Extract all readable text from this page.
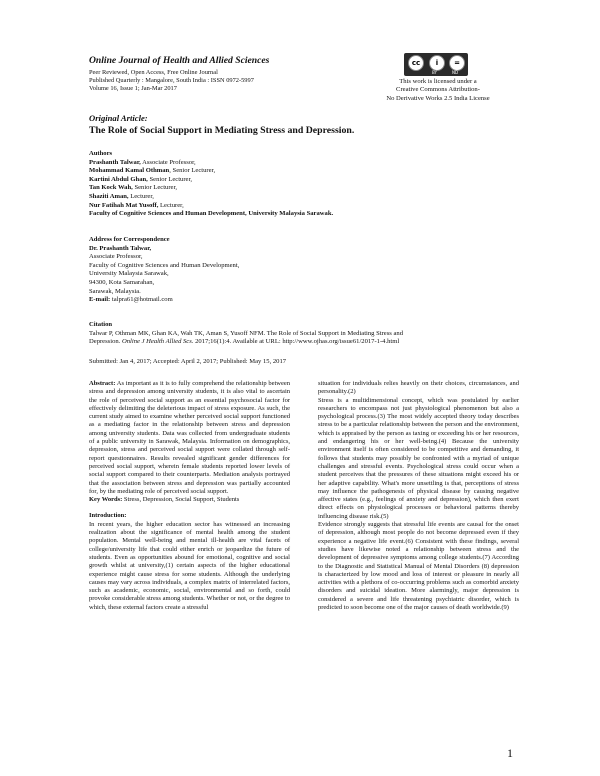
Online Journal of Health and Allied Sciences
Peer Reviewed, Open Access, Free Online Journal
Published Quarterly : Mangalore, South India : ISSN 0972-5997
Volume 16, Issue 1; Jan-Mar 2017
cc	i	=
BY	ND
This work is licensed under a
Creative Commons Attribution-
No Derivative Works 2.5 India License
Original Article:
The Role of Social Support in Mediating Stress and Depression.
Authors
Prashanth Talwar, Associate Professor,
Mohammad Kamal Othman, Senior Lecturer,
Kartini Abdul Ghan, Senior Lecturer,
Tan Kock Wah, Senior Lecturer,
Shaziti Aman, Lecturer,
Nur Fatihah Mat Yusoff, Lecturer,
Faculty of Cognitive Sciences and Human Development, University Malaysia Sarawak.
Address for Correspondence
Dr. Prashanth Talwar,
Associate Professor,
Faculty of Cognitive Sciences and Human Development,
University Malaysia Sarawak,
94300, Kota Samarahan,
Sarawak, Malaysia.
E-mail: talpra61@hotmail.com
Citation
Talwar P, Othman MK, Ghan KA, Wah TK, Aman S, Yusoff NFM. The Role of Social Support in Mediating Stress and
Depression. Online J Health Allied Scs. 2017;16(1):4. Available at URL: http://www.ojhas.org/issue61/2017-1-4.html
Submitted: Jan 4, 2017; Accepted: April 2, 2017; Published: May 15, 2017

Abstract: As important as it is to fully comprehend the relationship between stress and depression among university students, it is also vital to ascertain the role of perceived social support as an essential psychosocial factor for effectively delimiting the deleterious impact of stress exposure. As such, the current study aimed to examine whether perceived social support functioned as a mediating factor in the relationship between stress and depression among university students. Data was collected from undergraduate students of a public university in Sarawak, Malaysia. Information on demographics, depression, stress and perceived social support were collated through self-report questionnaires. Results revealed significant gender differences for perceived social support, wherein female students reported lower levels of social support compared to their counterparts. Mediation analysis portrayed that the association between stress and depression was partially accounted for, by the mediating role of perceived social support.

Key Words: Stress, Depression, Social Support, Students

Introduction:

In recent years, the higher education sector has witnessed an increasing realization about the significance of mental health among the student population. Mental well-being and mental ill-health are vital facets of college/university life that could either enrich or jeopardize the future of students. Even as opportunities abound for emotional, cognitive and social growth whilst at university,(1) certain aspects of the higher educational experience might cause stress for some students. Although the underlying causes may vary across individuals, a complex matrix of interrelated factors, such as academic, economic, social, environmental and so forth, could provoke considerable stress among students. Whether or not, or the degree to which, these external factors create a stressful

situation for individuals relies heavily on their choices, circumstances, and personality.(2)

Stress is a multidimensional concept, which was postulated by earlier researchers to encompass not just physiological phenomenon but also a psychological process.(3) The most widely accepted theory today describes stress to be a particular relationship between the person and the environment, which is appraised by the person as taxing or exceeding his or her resources, and endangering his or her well-being.(4) Because the university environment itself is often considered to be competitive and demanding, it follows that students may possibly be confronted with a myriad of unique challenges and stressful events. Psychological stress could occur when a student perceives that the pressures of these situations might exceed his or her adaptive capability. What's more unsettling is that, perceptions of stress may influence the pathogenesis of physical disease by causing negative affective states (e.g., feelings of anxiety and depression), which then exert direct effects on physiological processes or behavioral patterns thereby influencing disease risk.(5)

Evidence strongly suggests that stressful life events are causal for the onset of depression, although most people do not become depressed even if they experience a negative life event.(6) Consistent with these findings, several studies have likewise noted a relationship between stress and the development of depressive symptoms among college students.(7) According to the Diagnostic and Statistical Manual of Mental Disorders (8) depression is characterized by low mood and loss of interest or pleasure in nearly all activities with a plethora of co-occurring problems such as comorbid anxiety disorders and suicidal ideation. More alarmingly, major depression is considered a severe and life threatening psychiatric disorder, which is predicted to soon become one of the major causes of death worldwide.(9)

1
